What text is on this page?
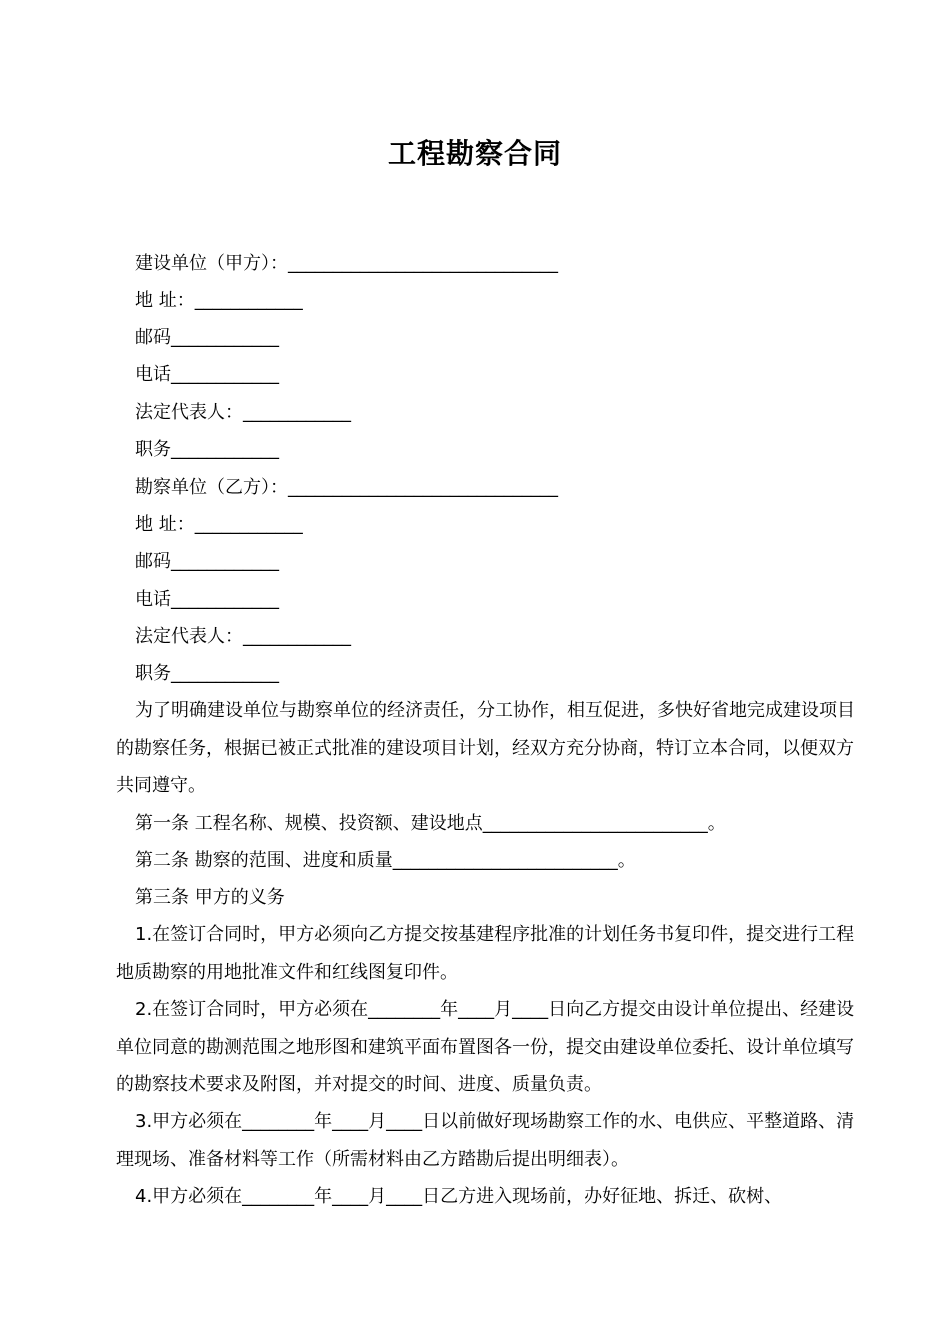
工程勘察合同
建设单位（甲方）：______________________________
地 址：____________
邮码____________
电话____________
法定代表人：____________
职务____________
勘察单位（乙方）：______________________________
地 址：____________
邮码____________
电话____________
法定代表人：____________
职务____________

为了明确建设单位与勘察单位的经济责任，分工协作，相互促进，多快好省地完成建设项目的勘察任务，根据已被正式批准的建设项目计划，经双方充分协商，特订立本合同，以便双方共同遵守。

第一条 工程名称、规模、投资额、建设地点_________________________。
第二条 勘察的范围、进度和质量_________________________。
第三条 甲方的义务

1.在签订合同时，甲方必须向乙方提交按基建程序批准的计划任务书复印件，提交进行工程地质勘察的用地批准文件和红线图复印件。

2.在签订合同时，甲方必须在________年____月____日向乙方提交由设计单位提出、经建设单位同意的勘测范围之地形图和建筑平面布置图各一份，提交由建设单位委托、设计单位填写的勘察技术要求及附图，并对提交的时间、进度、质量负责。

3.甲方必须在________年____月____日以前做好现场勘察工作的水、电供应、平整道路、清理现场、准备材料等工作（所需材料由乙方踏勘后提出明细表）。

4.甲方必须在________年____月____日乙方进入现场前，办好征地、拆迁、砍树、
